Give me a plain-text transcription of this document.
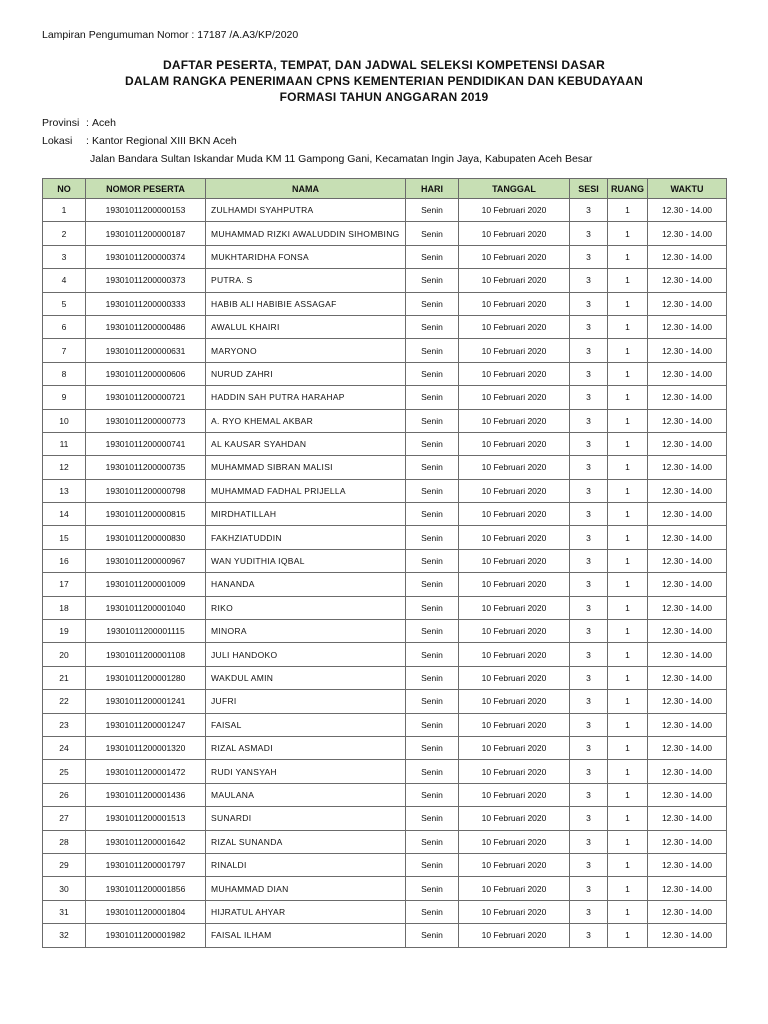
Lampiran Pengumuman Nomor : 17187 /A.A3/KP/2020
DAFTAR PESERTA, TEMPAT, DAN JADWAL SELEKSI KOMPETENSI DASAR
DALAM RANGKA PENERIMAAN CPNS KEMENTERIAN PENDIDIKAN DAN KEBUDAYAAN
FORMASI TAHUN ANGGARAN 2019
Provinsi : Aceh
Lokasi : Kantor Regional XIII BKN Aceh
Jalan Bandara Sultan Iskandar Muda KM 11 Gampong Gani, Kecamatan Ingin Jaya, Kabupaten Aceh Besar
NO	NOMOR PESERTA	NAMA	HARI	TANGGAL	SESI	RUANG	WAKTU
1	19301011200000153	ZULHAMDI SYAHPUTRA	Senin	10 Februari 2020	3	1	12.30 - 14.00
2	19301011200000187	MUHAMMAD RIZKI AWALUDDIN SIHOMBING	Senin	10 Februari 2020	3	1	12.30 - 14.00
3	19301011200000374	MUKHTARIDHA FONSA	Senin	10 Februari 2020	3	1	12.30 - 14.00
4	19301011200000373	PUTRA. S	Senin	10 Februari 2020	3	1	12.30 - 14.00
5	19301011200000333	HABIB ALI HABIBIE ASSAGAF	Senin	10 Februari 2020	3	1	12.30 - 14.00
6	19301011200000486	AWALUL KHAIRI	Senin	10 Februari 2020	3	1	12.30 - 14.00
7	19301011200000631	MARYONO	Senin	10 Februari 2020	3	1	12.30 - 14.00
8	19301011200000606	NURUD ZAHRI	Senin	10 Februari 2020	3	1	12.30 - 14.00
9	19301011200000721	HADDIN SAH PUTRA HARAHAP	Senin	10 Februari 2020	3	1	12.30 - 14.00
10	19301011200000773	A. RYO KHEMAL AKBAR	Senin	10 Februari 2020	3	1	12.30 - 14.00
11	19301011200000741	AL KAUSAR SYAHDAN	Senin	10 Februari 2020	3	1	12.30 - 14.00
12	19301011200000735	MUHAMMAD SIBRAN MALISI	Senin	10 Februari 2020	3	1	12.30 - 14.00
13	19301011200000798	MUHAMMAD FADHAL PRIJELLA	Senin	10 Februari 2020	3	1	12.30 - 14.00
14	19301011200000815	MIRDHATILLAH	Senin	10 Februari 2020	3	1	12.30 - 14.00
15	19301011200000830	FAKHZIATUDDIN	Senin	10 Februari 2020	3	1	12.30 - 14.00
16	19301011200000967	WAN YUDITHIA IQBAL	Senin	10 Februari 2020	3	1	12.30 - 14.00
17	19301011200001009	HANANDA	Senin	10 Februari 2020	3	1	12.30 - 14.00
18	19301011200001040	RIKO	Senin	10 Februari 2020	3	1	12.30 - 14.00
19	19301011200001115	MINORA	Senin	10 Februari 2020	3	1	12.30 - 14.00
20	19301011200001108	JULI HANDOKO	Senin	10 Februari 2020	3	1	12.30 - 14.00
21	19301011200001280	WAKDUL AMIN	Senin	10 Februari 2020	3	1	12.30 - 14.00
22	19301011200001241	JUFRI	Senin	10 Februari 2020	3	1	12.30 - 14.00
23	19301011200001247	FAISAL	Senin	10 Februari 2020	3	1	12.30 - 14.00
24	19301011200001320	RIZAL ASMADI	Senin	10 Februari 2020	3	1	12.30 - 14.00
25	19301011200001472	RUDI YANSYAH	Senin	10 Februari 2020	3	1	12.30 - 14.00
26	19301011200001436	MAULANA	Senin	10 Februari 2020	3	1	12.30 - 14.00
27	19301011200001513	SUNARDI	Senin	10 Februari 2020	3	1	12.30 - 14.00
28	19301011200001642	RIZAL SUNANDA	Senin	10 Februari 2020	3	1	12.30 - 14.00
29	19301011200001797	RINALDI	Senin	10 Februari 2020	3	1	12.30 - 14.00
30	19301011200001856	MUHAMMAD DIAN	Senin	10 Februari 2020	3	1	12.30 - 14.00
31	19301011200001804	HIJRATUL AHYAR	Senin	10 Februari 2020	3	1	12.30 - 14.00
32	19301011200001982	FAISAL ILHAM	Senin	10 Februari 2020	3	1	12.30 - 14.00
